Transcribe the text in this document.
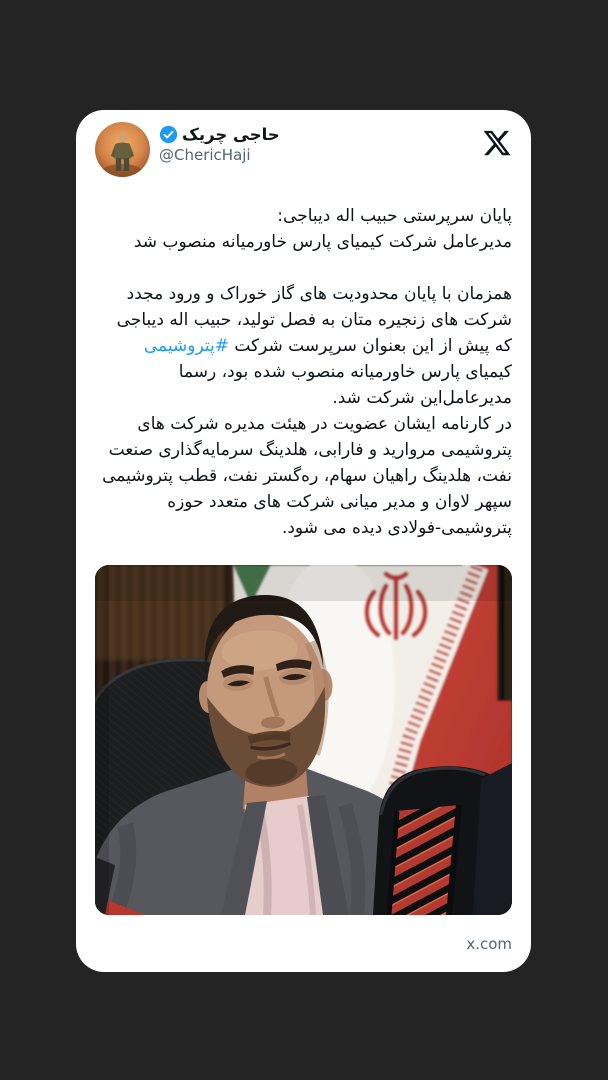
حاجی چریک
@ChericHaji

پایان سرپرستی حبیب اله دیباجی:
مدیرعامل شرکت کیمیای پارس خاورمیانه منصوب شد

همزمان با پایان محدودیت های گاز خوراک و ورود مجدد شرکت های زنجیره متان به فصل تولید، حبیب اله دیباجی که پیش از این بعنوان سرپرست شرکت #پتروشیمی کیمیای پارس خاورمیانه منصوب شده بود، رسما مدیرعامل‌این شرکت شد.
در کارنامه ایشان عضویت در هیئت مدیره شرکت های پتروشیمی مروارید و فارابی، هلدینگ سرمایه‌گذاری صنعت نفت، هلدینگ راهیان سهام، ره‌گستر نفت، قطب پتروشیمی سپهر لاوان و مدیر میانی شرکت های متعدد حوزه پتروشیمی-فولادی دیده می شود.

x.com
